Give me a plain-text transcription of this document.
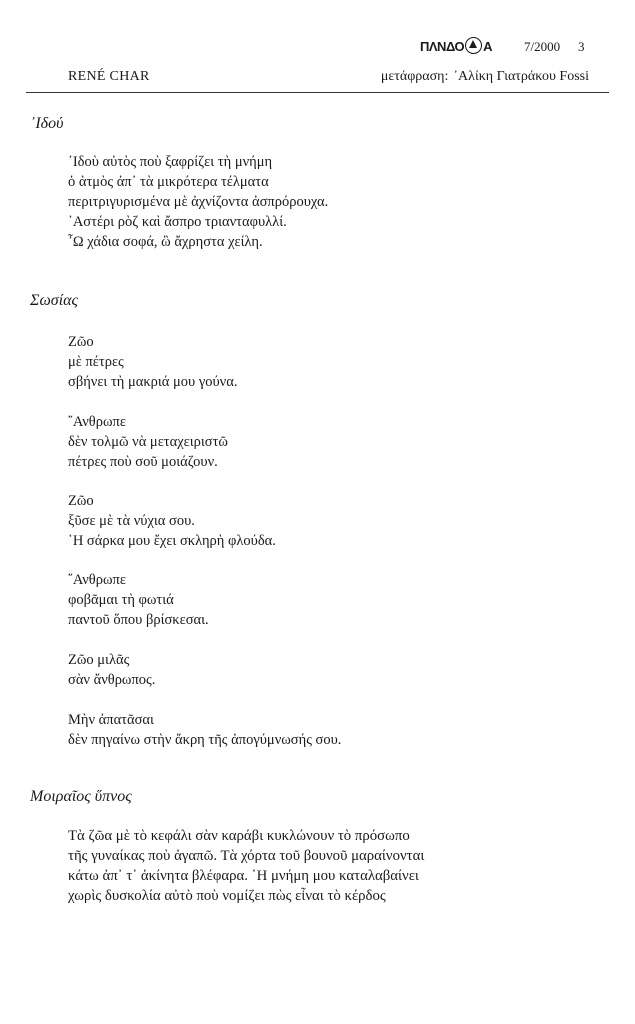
ΠΛΝΔΟ Α 7/2000 3
RENÉ CHAR	μετάφραση: ᾿Αλίκη Γιατράκου Fossi
᾿Ιδού
᾿Ιδοὺ αὐτὸς ποὺ ξαφρίζει τὴ μνήμη
ὁ ἀτμὸς ἀπ᾿ τὰ μικρότερα τέλματα
περιτριγυρισμένα μὲ ἀχνίζοντα ἀσπρόρουχα.
᾿Αστέρι ρὸζ καὶ ἄσπρο τριανταφυλλί.
῏Ω χάδια σοφά, ὢ ἄχρηστα χείλη.
Σωσίας
Ζῶο
μὲ πέτρες
σβήνει τὴ μακριά μου γούνα.
῎Ανθρωπε
δὲν τολμῶ νὰ μεταχειριστῶ
πέτρες ποὺ σοῦ μοιάζουν.
Ζῶο
ξῦσε μὲ τὰ νύχια σου.
῾Η σάρκα μου ἔχει σκληρὴ φλούδα.
῎Ανθρωπε
φοβᾶμαι τὴ φωτιά
παντοῦ ὅπου βρίσκεσαι.
Ζῶο μιλᾶς
σὰν ἄνθρωπος.
Μὴν ἀπατᾶσαι
δὲν πηγαίνω στὴν ἄκρη τῆς ἀπογύμνωσής σου.
Μοιραῖος ὕπνος
Τὰ ζῶα μὲ τὸ κεφάλι σὰν καράβι κυκλώνουν τὸ πρόσωπο
τῆς γυναίκας ποὺ ἀγαπῶ. Τὰ χόρτα τοῦ βουνοῦ μαραίνονται
κάτω ἀπ᾿ τ᾿ ἀκίνητα βλέφαρα. ῾Η μνήμη μου καταλαβαίνει
χωρὶς δυσκολία αὐτὸ ποὺ νομίζει πὼς εἶναι τὸ κέρδος
